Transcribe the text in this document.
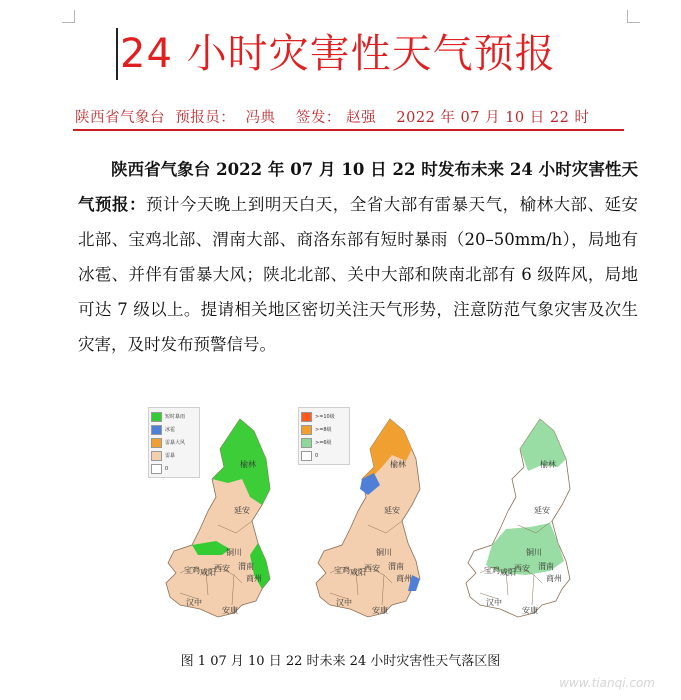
24 小时灾害性天气预报
陕西省气象台 预报员： 冯典 签发： 赵强 2022 年 07 月 10 日 22 时

陕西省气象台 2022 年 07 月 10 日 22 时发布未来 24 小时灾害性天气预报：预计今天晚上到明天白天，全省大部有雷暴天气，榆林大部、延安北部、宝鸡北部、渭南大部、商洛东部有短时暴雨（20–50mm/h），局地有冰雹、并伴有雷暴大风；陕北北部、关中大部和陕南北部有 6 级阵风，局地可达 7 级以上。提请相关地区密切关注天气形势，注意防范气象灾害及次生灾害，及时发布预警信号。

短时暴雨
冰雹
雷暴大风
雷暴
0
>=10级
>=8级
>=6级
0
榆林
延安
铜川
渭南
西安
宝鸡 咸阳
商州
汉中
安康
榆林
延安
铜川
渭南
西安
宝鸡 咸阳
商州
汉中
安康
榆林
延安
铜川
渭南
西安
宝鸡 咸阳
商州
汉中
安康
图 1 07 月 10 日 22 时未来 24 小时灾害性天气落区图
www.tianqi.com
